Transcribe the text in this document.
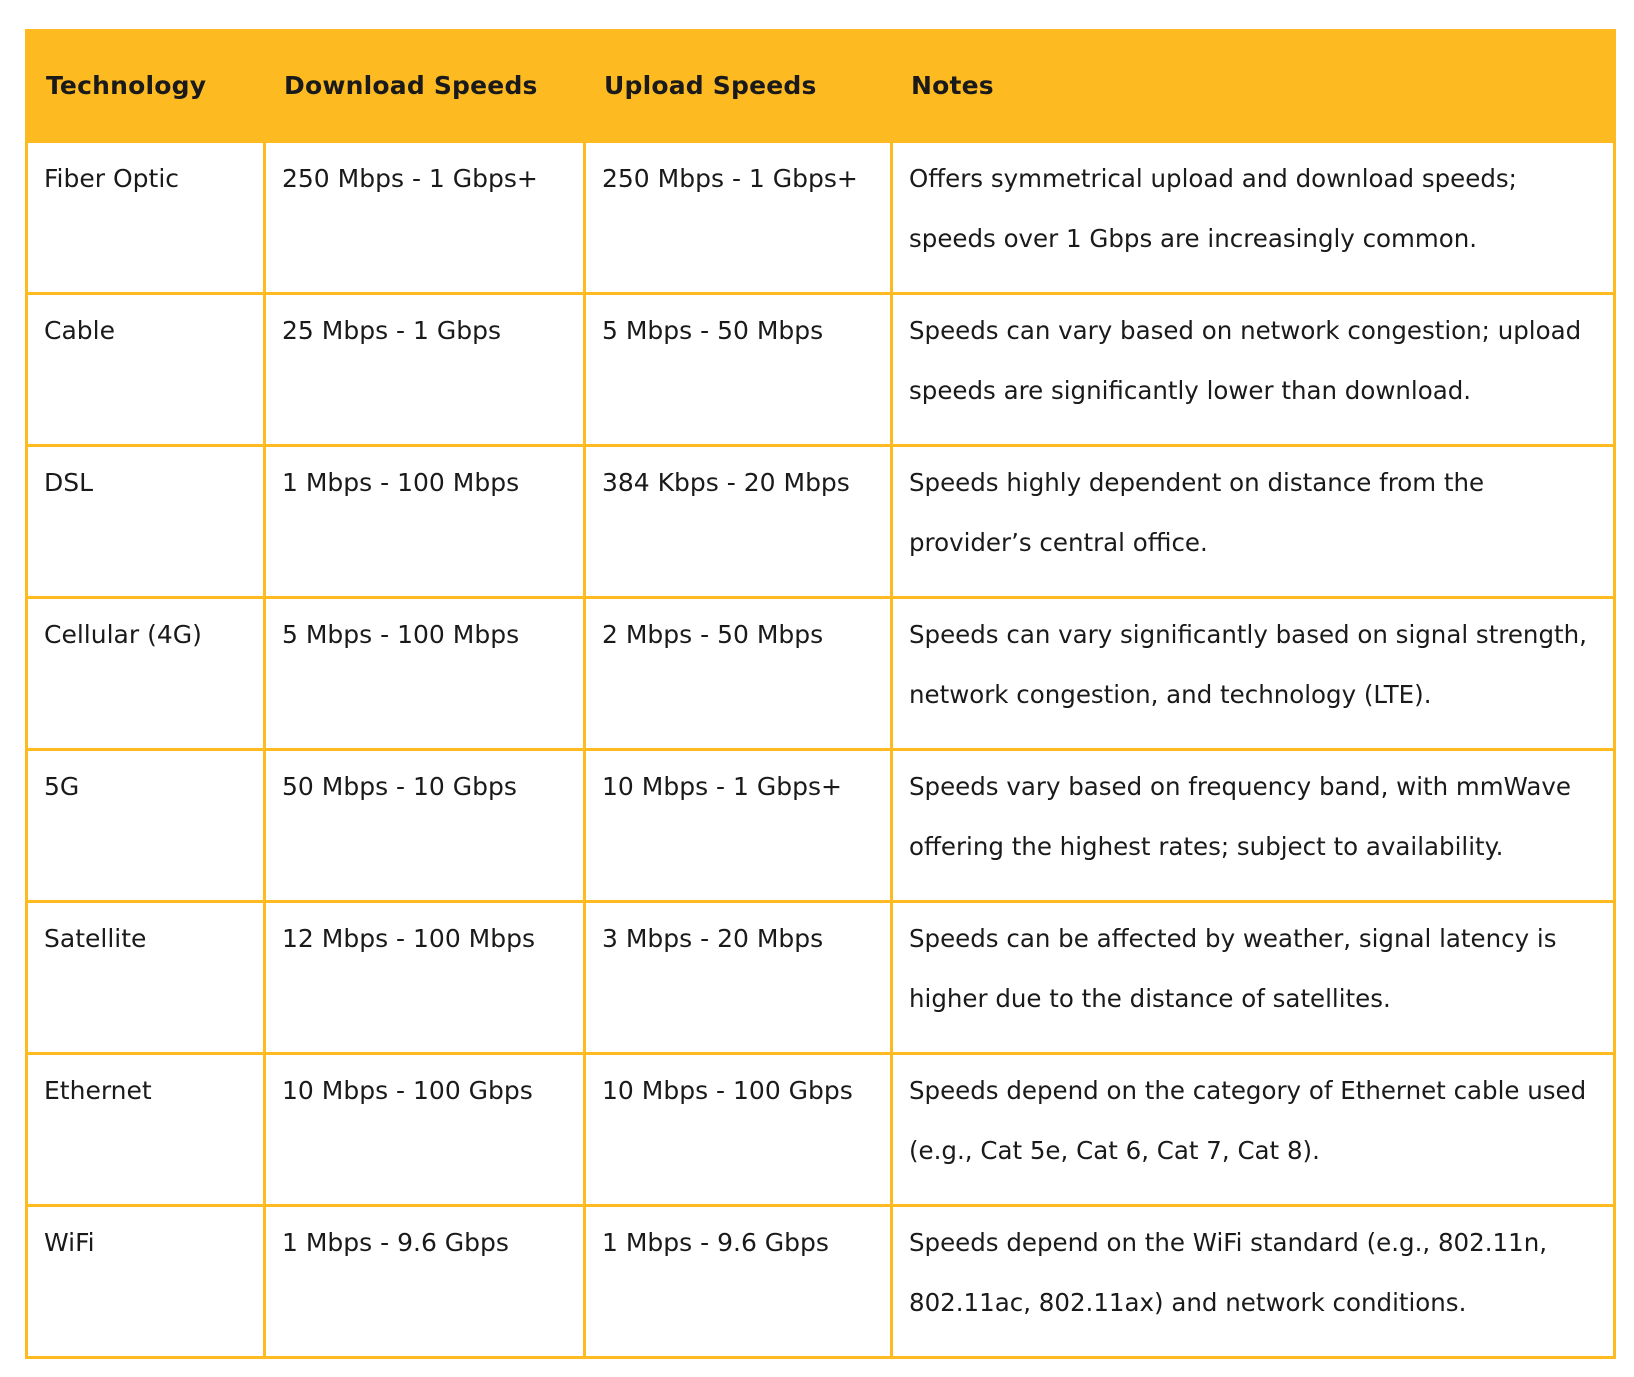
Technology	Download Speeds	Upload Speeds	Notes
Fiber Optic	250 Mbps - 1 Gbps+	250 Mbps - 1 Gbps+	Offers symmetrical upload and download speeds; speeds over 1 Gbps are increasingly common.
Cable	25 Mbps - 1 Gbps	5 Mbps - 50 Mbps	Speeds can vary based on network congestion; upload speeds are significantly lower than download.
DSL	1 Mbps - 100 Mbps	384 Kbps - 20 Mbps	Speeds highly dependent on distance from the provider’s central office.
Cellular (4G)	5 Mbps - 100 Mbps	2 Mbps - 50 Mbps	Speeds can vary significantly based on signal strength, network congestion, and technology (LTE).
5G	50 Mbps - 10 Gbps	10 Mbps - 1 Gbps+	Speeds vary based on frequency band, with mmWave offering the highest rates; subject to availability.
Satellite	12 Mbps - 100 Mbps	3 Mbps - 20 Mbps	Speeds can be affected by weather, signal latency is higher due to the distance of satellites.
Ethernet	10 Mbps - 100 Gbps	10 Mbps - 100 Gbps	Speeds depend on the category of Ethernet cable used (e.g., Cat 5e, Cat 6, Cat 7, Cat 8).
WiFi	1 Mbps - 9.6 Gbps	1 Mbps - 9.6 Gbps	Speeds depend on the WiFi standard (e.g., 802.11n, 802.11ac, 802.11ax) and network conditions.
